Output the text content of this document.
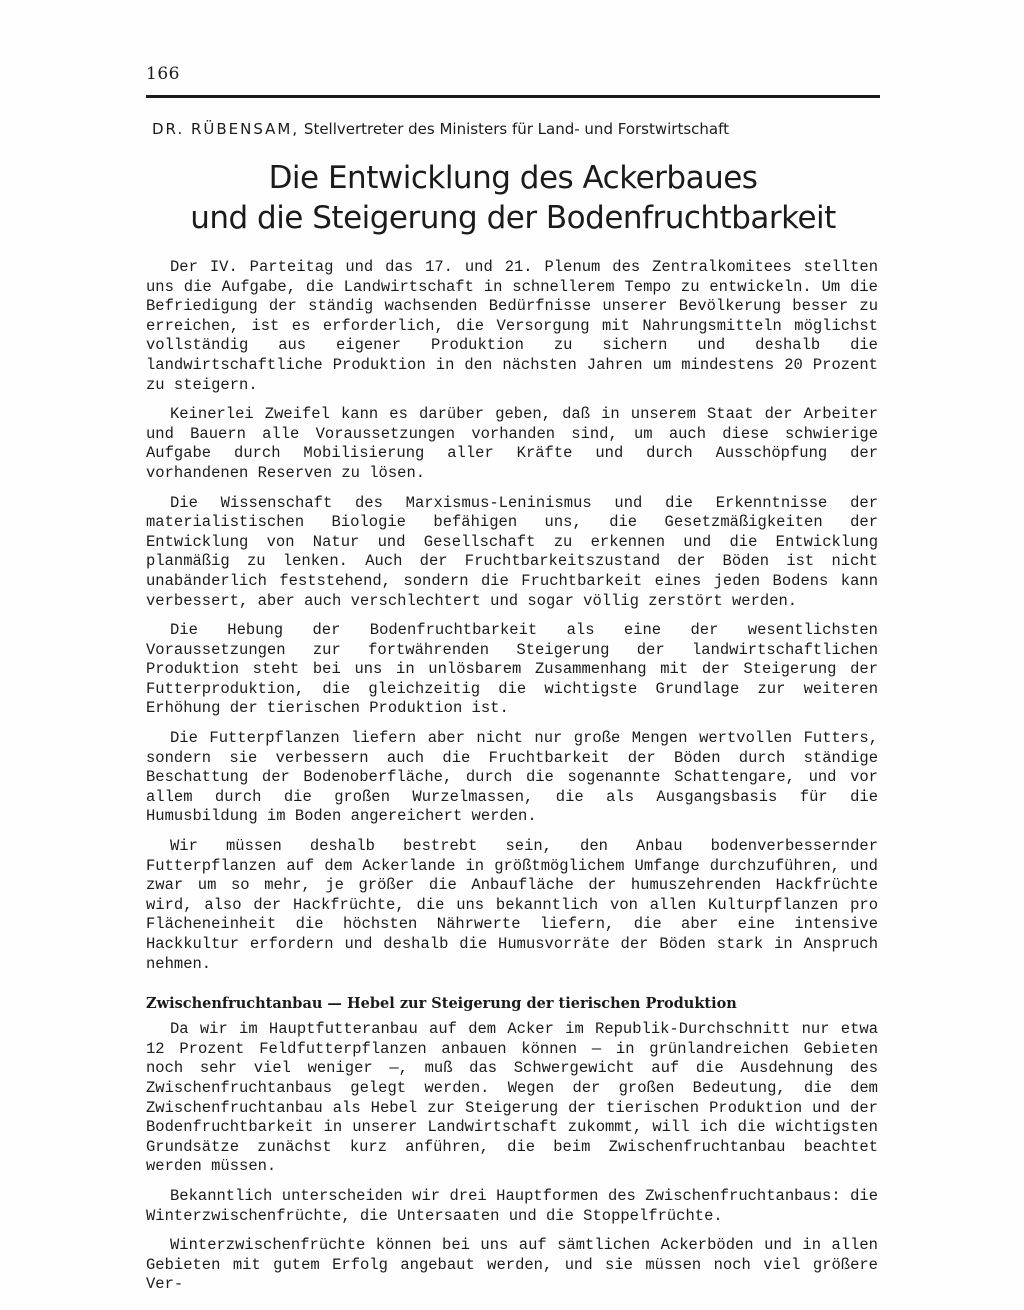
166
DR. RÜBENSAM, Stellvertreter des Ministers für Land- und Forstwirtschaft
Die Entwicklung des Ackerbaues
und die Steigerung der Bodenfruchtbarkeit

Der IV. Parteitag und das 17. und 21. Plenum des Zentralkomitees stellten uns die Aufgabe, die Landwirtschaft in schnellerem Tempo zu entwickeln. Um die Befriedigung der ständig wachsenden Bedürfnisse unserer Bevölkerung besser zu erreichen, ist es erforderlich, die Versorgung mit Nahrungsmitteln möglichst vollständig aus eigener Produktion zu sichern und deshalb die landwirtschaftliche Produktion in den nächsten Jahren um mindestens 20 Prozent zu steigern.

Keinerlei Zweifel kann es darüber geben, daß in unserem Staat der Arbeiter und Bauern alle Voraussetzungen vorhanden sind, um auch diese schwierige Aufgabe durch Mobilisierung aller Kräfte und durch Ausschöpfung der vorhandenen Reserven zu lösen.

Die Wissenschaft des Marxismus-Leninismus und die Erkenntnisse der materialistischen Biologie befähigen uns, die Gesetzmäßigkeiten der Entwicklung von Natur und Gesellschaft zu erkennen und die Entwicklung planmäßig zu lenken. Auch der Fruchtbarkeitszustand der Böden ist nicht unabänderlich feststehend, sondern die Fruchtbarkeit eines jeden Bodens kann verbessert, aber auch verschlechtert und sogar völlig zerstört werden.

Die Hebung der Bodenfruchtbarkeit als eine der wesentlichsten Voraussetzungen zur fortwährenden Steigerung der landwirtschaftlichen Produktion steht bei uns in unlösbarem Zusammenhang mit der Steigerung der Futterproduktion, die gleichzeitig die wichtigste Grundlage zur weiteren Erhöhung der tierischen Produktion ist.

Die Futterpflanzen liefern aber nicht nur große Mengen wertvollen Futters, sondern sie verbessern auch die Fruchtbarkeit der Böden durch ständige Beschattung der Bodenoberfläche, durch die sogenannte Schattengare, und vor allem durch die großen Wurzelmassen, die als Ausgangsbasis für die Humusbildung im Boden angereichert werden.

Wir müssen deshalb bestrebt sein, den Anbau bodenverbessernder Futterpflanzen auf dem Ackerlande in größtmöglichem Umfange durchzuführen, und zwar um so mehr, je größer die Anbaufläche der humuszehrenden Hackfrüchte wird, also der Hackfrüchte, die uns bekanntlich von allen Kulturpflanzen pro Flächeneinheit die höchsten Nährwerte liefern, die aber eine intensive Hackkultur erfordern und deshalb die Humusvorräte der Böden stark in Anspruch nehmen.

Zwischenfruchtanbau — Hebel zur Steigerung der tierischen Produktion

Da wir im Hauptfutteranbau auf dem Acker im Republik-Durchschnitt nur etwa 12 Prozent Feldfutterpflanzen anbauen können — in grünlandreichen Gebieten noch sehr viel weniger —, muß das Schwergewicht auf die Ausdehnung des Zwischenfruchtanbaus gelegt werden. Wegen der großen Bedeutung, die dem Zwischenfruchtanbau als Hebel zur Steigerung der tierischen Produktion und der Bodenfruchtbarkeit in unserer Landwirtschaft zukommt, will ich die wichtigsten Grundsätze zunächst kurz anführen, die beim Zwischenfruchtanbau beachtet werden müssen.

Bekanntlich unterscheiden wir drei Hauptformen des Zwischenfruchtanbaus: die Winterzwischenfrüchte, die Untersaaten und die Stoppelfrüchte.

Winterzwischenfrüchte können bei uns auf sämtlichen Ackerböden und in allen Gebieten mit gutem Erfolg angebaut werden, und sie müssen noch viel größere Ver-
